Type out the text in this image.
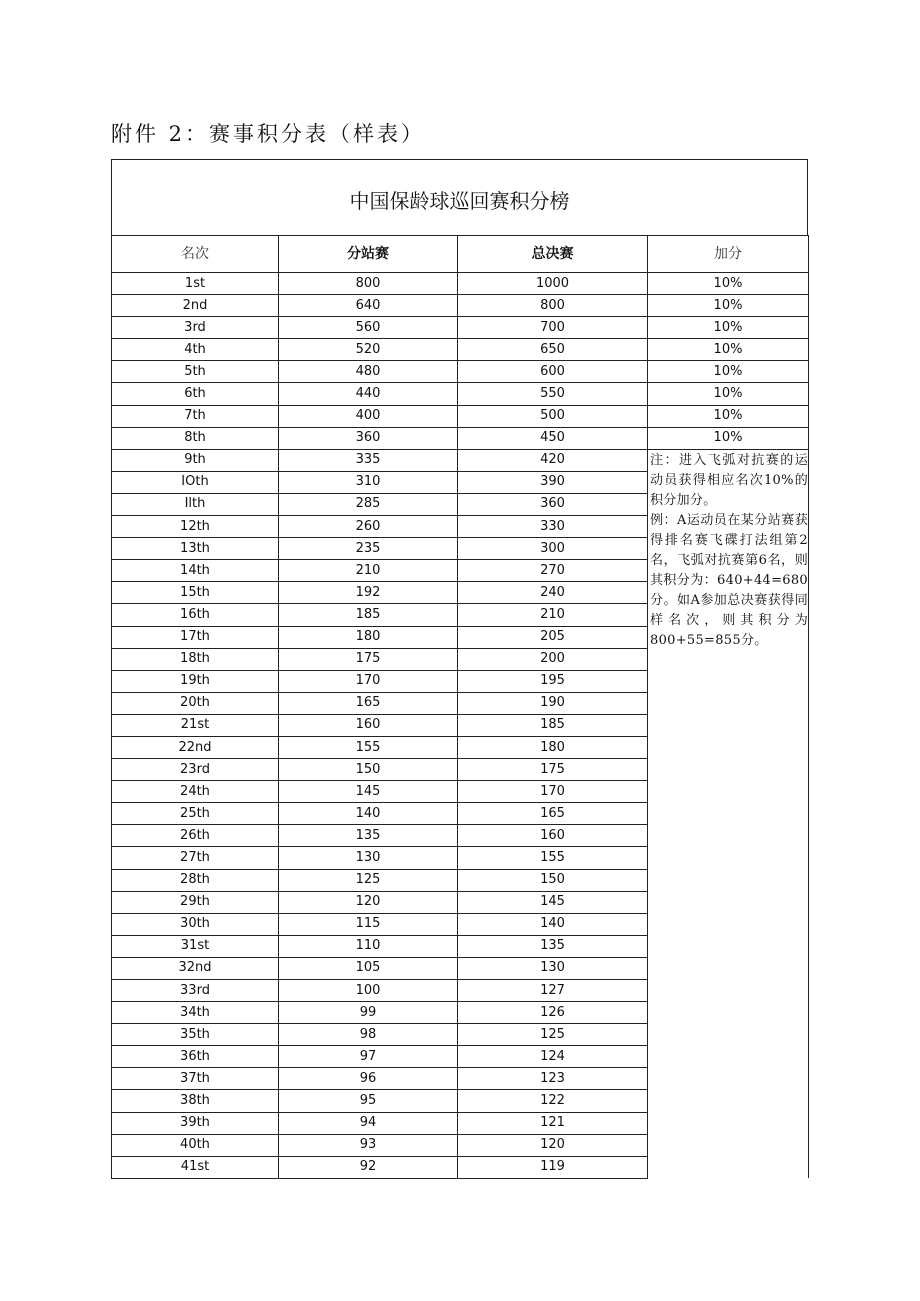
附件 2：赛事积分表（样表）
中国保龄球巡回赛积分榜
名次	分站赛	总决赛	加分
1st	800	1000	10%
2nd	640	800	10%
3rd	560	700	10%
4th	520	650	10%
5th	480	600	10%
6th	440	550	10%
7th	400	500	10%
8th	360	450	10%
9th	335	420	注：进入飞弧对抗赛的运动员获得相应名次10%的积分加分。

例：A运动员在某分站赛获得排名赛飞碟打法组第2名，飞弧对抗赛第6名，则其积分为：640+44=680分。如A参加总决赛获得同样名次，则其积分为800+55=855分。

IOth	310	390	
Ilth	285	360	
12th	260	330	
13th	235	300	
14th	210	270	
15th	192	240	
16th	185	210	
17th	180	205	
18th	175	200	
19th	170	195	
20th	165	190	
21st	160	185	
22nd	155	180	
23rd	150	175	
24th	145	170	
25th	140	165	
26th	135	160	
27th	130	155	
28th	125	150	
29th	120	145	
30th	115	140	
31st	110	135	
32nd	105	130	
33rd	100	127	
34th	99	126	
35th	98	125	
36th	97	124	
37th	96	123	
38th	95	122	
39th	94	121	
40th	93	120	
41st	92	119	
